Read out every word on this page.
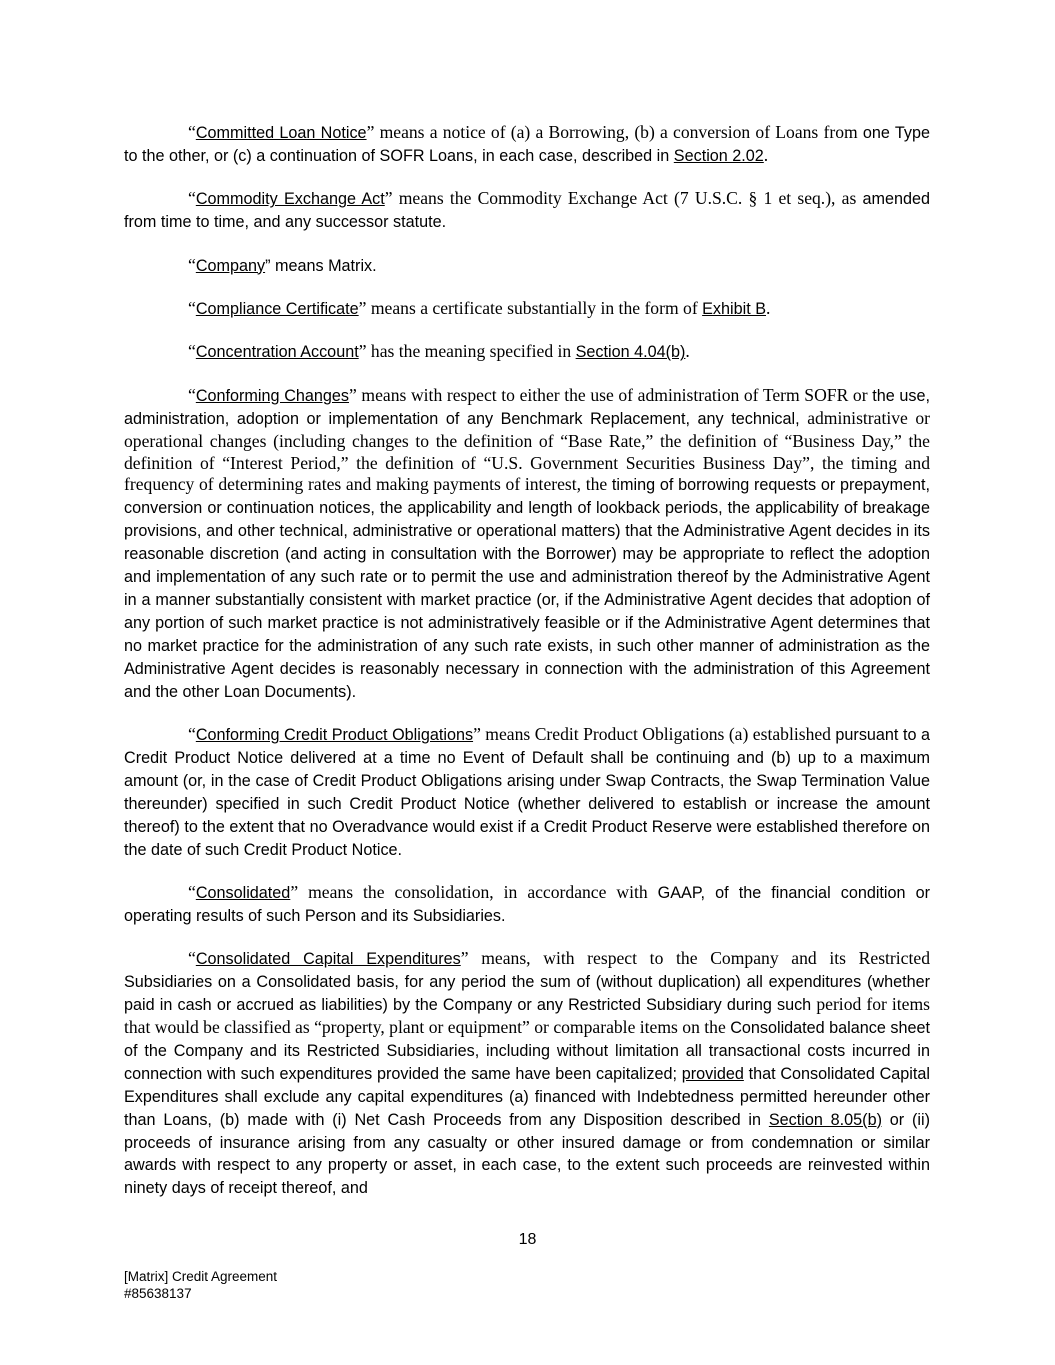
“Committed Loan Notice” means a notice of (a) a Borrowing, (b) a conversion of Loans from one Type to the other, or (c) a continuation of SOFR Loans, in each case, described in Section 2.02.

“Commodity Exchange Act” means the Commodity Exchange Act (7 U.S.C. § 1 et seq.), as amended from time to time, and any successor statute.

“Company” means Matrix.

“Compliance Certificate” means a certificate substantially in the form of Exhibit B.

“Concentration Account” has the meaning specified in Section 4.04(b).

“Conforming Changes” means with respect to either the use of administration of Term SOFR or the use, administration, adoption or implementation of any Benchmark Replacement, any technical, administrative or operational changes (including changes to the definition of “Base Rate,” the definition of “Business Day,” the definition of “Interest Period,” the definition of “U.S. Government Securities Business Day”, the timing and frequency of determining rates and making payments of interest, the timing of borrowing requests or prepayment, conversion or continuation notices, the applicability and length of lookback periods, the applicability of breakage provisions, and other technical, administrative or operational matters) that the Administrative Agent decides in its reasonable discretion (and acting in consultation with the Borrower) may be appropriate to reflect the adoption and implementation of any such rate or to permit the use and administration thereof by the Administrative Agent in a manner substantially consistent with market practice (or, if the Administrative Agent decides that adoption of any portion of such market practice is not administratively feasible or if the Administrative Agent determines that no market practice for the administration of any such rate exists, in such other manner of administration as the Administrative Agent decides is reasonably necessary in connection with the administration of this Agreement and the other Loan Documents).

“Conforming Credit Product Obligations” means Credit Product Obligations (a) established pursuant to a Credit Product Notice delivered at a time no Event of Default shall be continuing and (b) up to a maximum amount (or, in the case of Credit Product Obligations arising under Swap Contracts, the Swap Termination Value thereunder) specified in such Credit Product Notice (whether delivered to establish or increase the amount thereof) to the extent that no Overadvance would exist if a Credit Product Reserve were established therefore on the date of such Credit Product Notice.

“Consolidated” means the consolidation, in accordance with GAAP, of the financial condition or operating results of such Person and its Subsidiaries.

“Consolidated Capital Expenditures” means, with respect to the Company and its Restricted Subsidiaries on a Consolidated basis, for any period the sum of (without duplication) all expenditures (whether paid in cash or accrued as liabilities) by the Company or any Restricted Subsidiary during such period for items that would be classified as “property, plant or equipment” or comparable items on the Consolidated balance sheet of the Company and its Restricted Subsidiaries, including without limitation all transactional costs incurred in connection with such expenditures provided the same have been capitalized; provided that Consolidated Capital Expenditures shall exclude any capital expenditures (a) financed with Indebtedness permitted hereunder other than Loans, (b) made with (i) Net Cash Proceeds from any Disposition described in Section 8.05(b) or (ii) proceeds of insurance arising from any casualty or other insured damage or from condemnation or similar awards with respect to any property or asset, in each case, to the extent such proceeds are reinvested within ninety days of receipt thereof, and

18
[Matrix] Credit Agreement
#85638137
